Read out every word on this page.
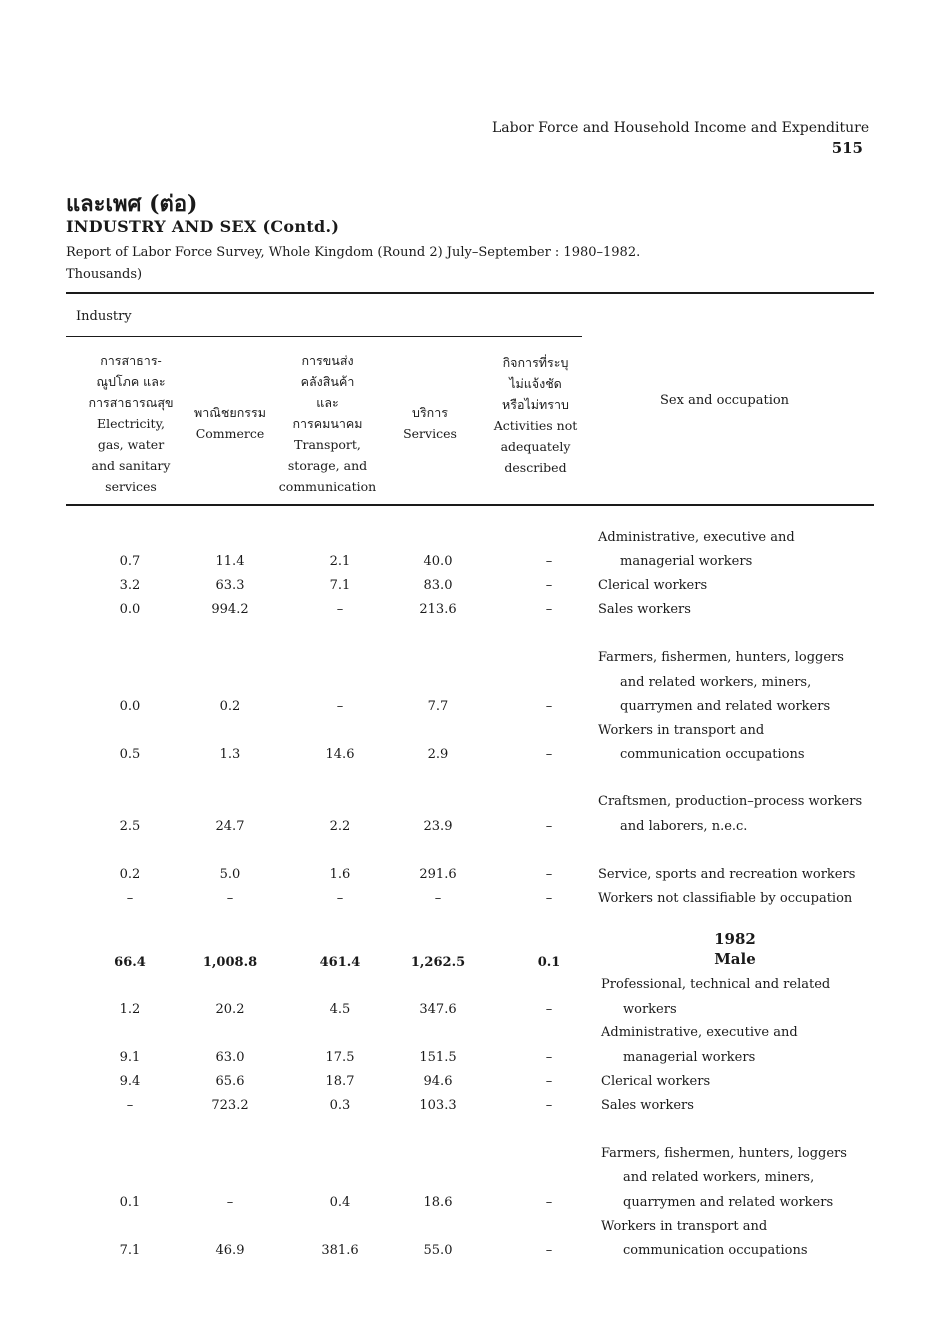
Labor Force and Household Income and Expenditure
515
และเพศ (ต่อ)
INDUSTRY AND SEX (Contd.)
Report of Labor Force Survey, Whole Kingdom (Round 2) July–September : 1980–1982.
Thousands)
Industry
การสาธาร-
ณูปโภค และ
การสาธารณสุข
Electricity,
gas, water
and sanitary
services
พาณิชยกรรม
Commerce
การขนส่ง
คลังสินค้า
และ
การคมนาคม
Transport,
storage, and
communication
บริการ
Services
กิจการที่ระบุ
ไม่แจ้งชัด
หรือไม่ทราบ
Activities not
adequately
described
Sex and occupation
Administrative, executive and
0.7	11.4	2.1	40.0	–	managerial workers
3.2	63.3	7.1	83.0	–	Clerical workers
0.0	994.2	–	213.6	–	Sales workers
Farmers, fishermen, hunters, loggers
and related workers, miners,
0.0	0.2	–	7.7	–	quarrymen and related workers
Workers in transport and
0.5	1.3	14.6	2.9	–	communication occupations
Craftsmen, production–process workers
2.5	24.7	2.2	23.9	–	and laborers, n.e.c.
0.2	5.0	1.6	291.6	–	Service, sports and recreation workers
–	–	–	–	–	Workers not classifiable by occupation
1982
Male
66.4	1,008.8	461.4	1,262.5	0.1
Professional, technical and related
1.2	20.2	4.5	347.6	–	workers
Administrative, executive and
9.1	63.0	17.5	151.5	–	managerial workers
9.4	65.6	18.7	94.6	–	Clerical workers
–	723.2	0.3	103.3	–	Sales workers
Farmers, fishermen, hunters, loggers
and related workers, miners,
0.1	–	0.4	18.6	–	quarrymen and related workers
Workers in transport and
7.1	46.9	381.6	55.0	–	communication occupations
